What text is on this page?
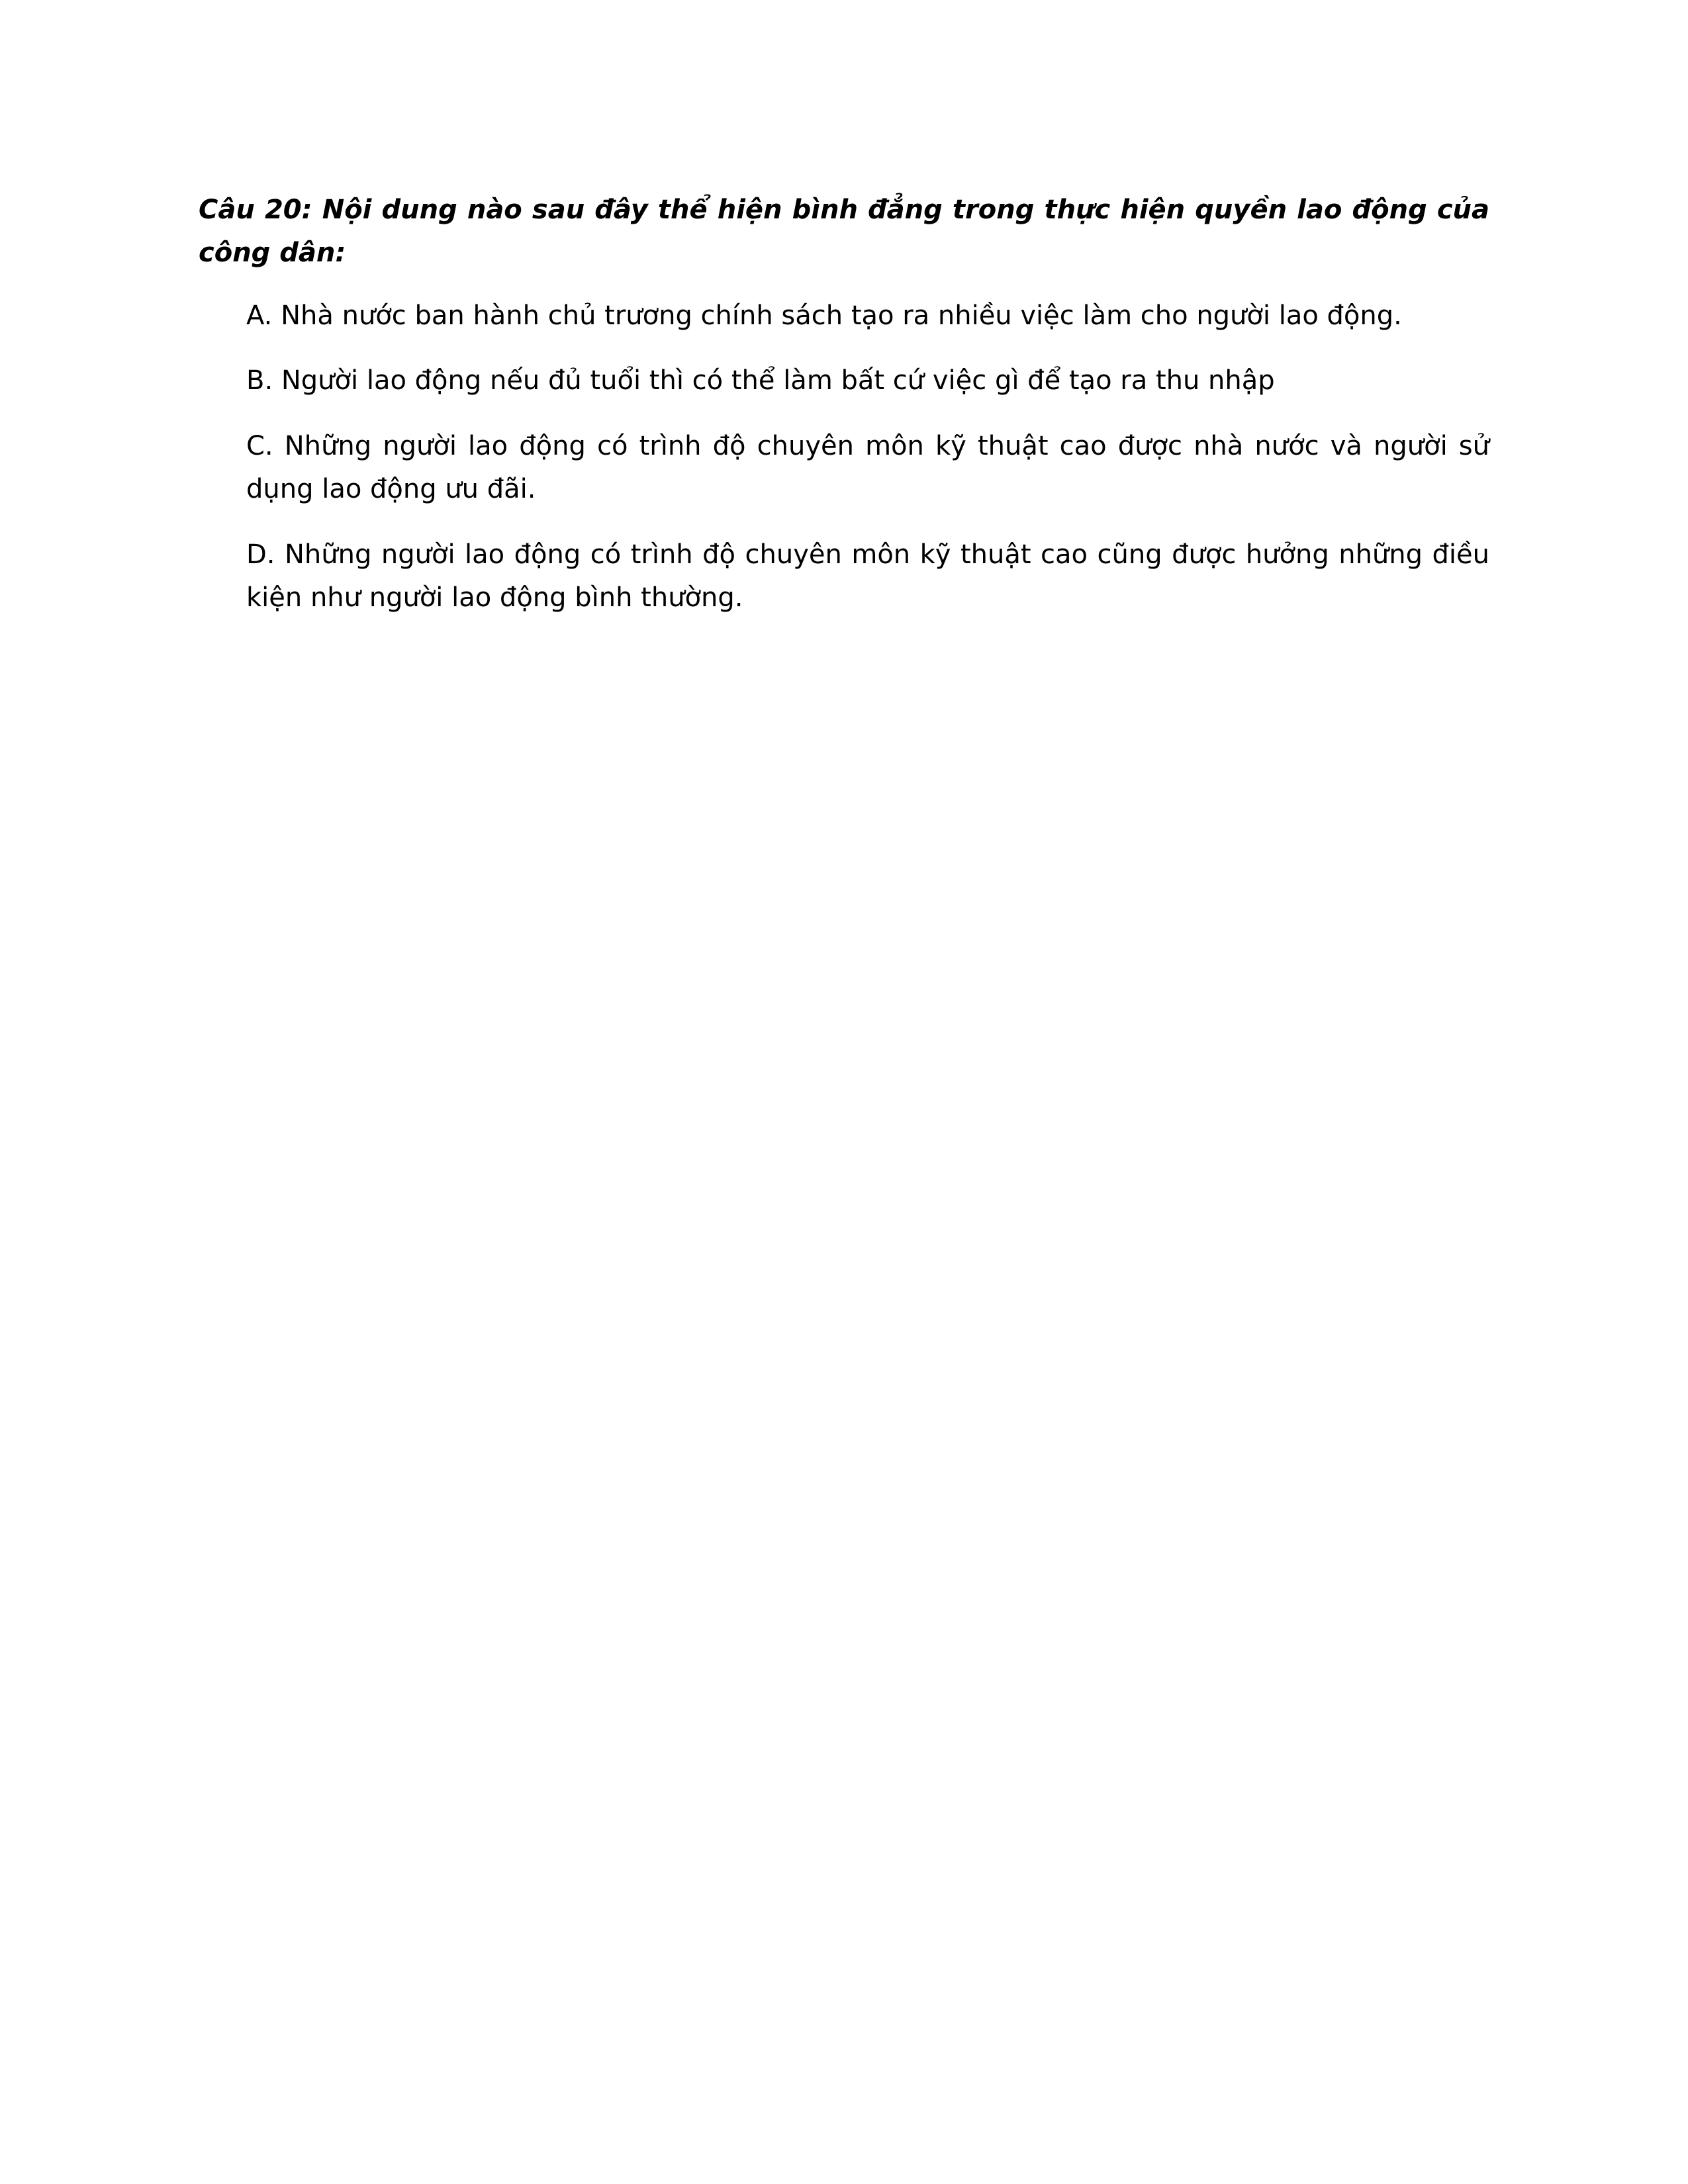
Câu 20: Nội dung nào sau đây thể hiện bình đẳng trong thực hiện quyền lao động của công dân:

A. Nhà nước ban hành chủ trương chính sách tạo ra nhiều việc làm cho người lao động.

B. Người lao động nếu đủ tuổi thì có thể làm bất cứ việc gì để tạo ra thu nhập

C. Những người lao động có trình độ chuyên môn kỹ thuật cao được nhà nước và người sử dụng lao động ưu đãi.

D. Những người lao động có trình độ chuyên môn kỹ thuật cao cũng được hưởng những điều kiện như người lao động bình thường.
